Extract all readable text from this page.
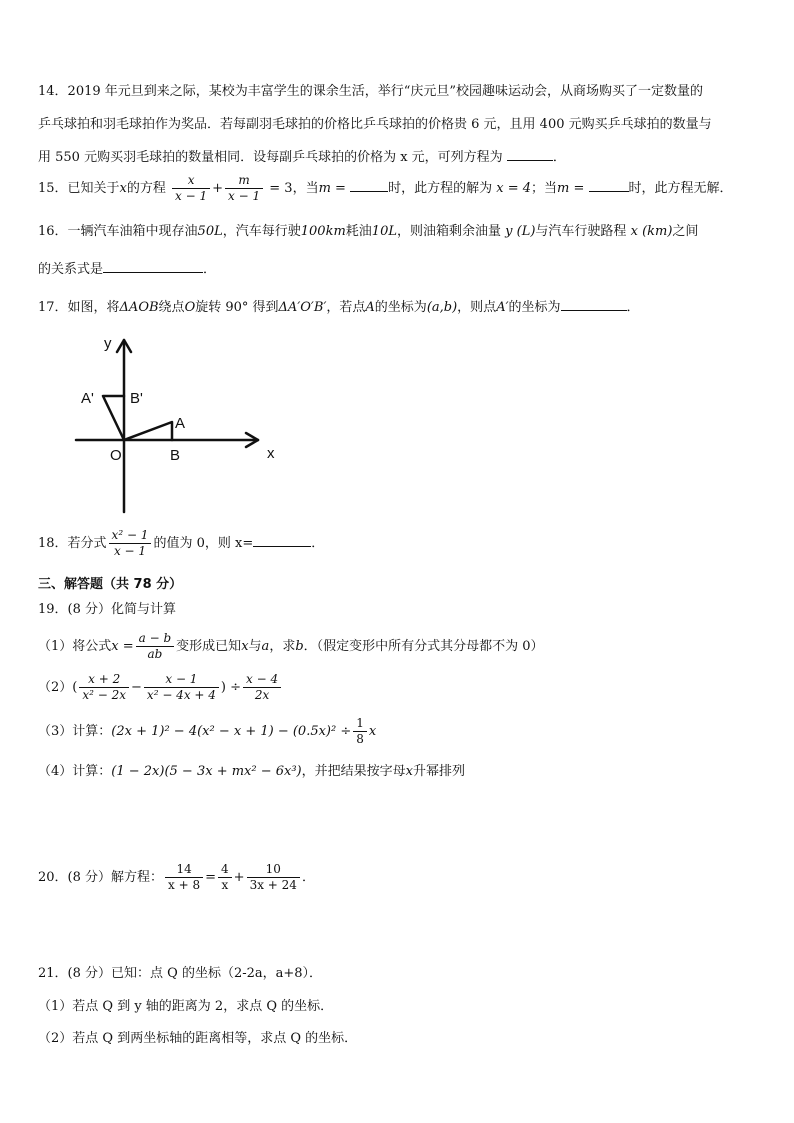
14．2019 年元旦到来之际，某校为丰富学生的课余生活，举行“庆元旦”校园趣味运动会，从商场购买了一定数量的
乒乓球拍和羽毛球拍作为奖品．若每副羽毛球拍的价格比乒乓球拍的价格贵 6 元，且用 400 元购买乒乓球拍的数量与
用 550 元购买羽毛球拍的数量相同．设每副乒乓球拍的价格为 x 元，可列方程为	．
15．已知关于x的方程 $\frac{x}{x - 1} + \frac{m}{x - 1} = 3$，当m =	时，此方程的解为 x = 4；当m =	时，此方程无解．
16．一辆汽车油箱中现存油50L，汽车每行驶100km耗油10L，则油箱剩余油量 y (L)与汽车行驶路程 x (km)之间
的关系式是	．
17．如图，将ΔAOB绕点O旋转 90° 得到ΔA′O′B′，若点A的坐标为(a,b)，则点A′的坐标为	．
y
x
O
A
B
A' B'
18．若分式 $\frac{\text{x² − 1}}{x - 1}$ 的值为 0，则 x=	．
三、解答题（共 78 分）
19．(8 分）化简与计算
（1）将公式$x = \frac{a - b}{ab}$ 变形成已知x与a，求b．（假定变形中所有分式其分母都不为 0）
$(2)( \frac{x + 2}{\text{x² − 2x}} - \frac{x - 1}{\text{x² − 4x + 4}}$ ) ÷ $\frac{x - 4}{2x}$
（3）计算：$(2x + 1)^2 - 4(x^2 - x + 1) - (0.5x)^2 \div \frac{1}{8}$ x
（4）计算：(1 − 2x)(5 − 3x + mx² − 6x³)，并把结果按字母x升幂排列
20．(8 分）解方程： $\frac{14}{x + 8} = \frac{4}{x} + \frac{10}{3x + 24}$ ．
21．(8 分）已知：点 Q 的坐标（2-2a，a+8）．
（1）若点 Q 到 y 轴的距离为 2，求点 Q 的坐标．
（2）若点 Q 到两坐标轴的距离相等，求点 Q 的坐标．
